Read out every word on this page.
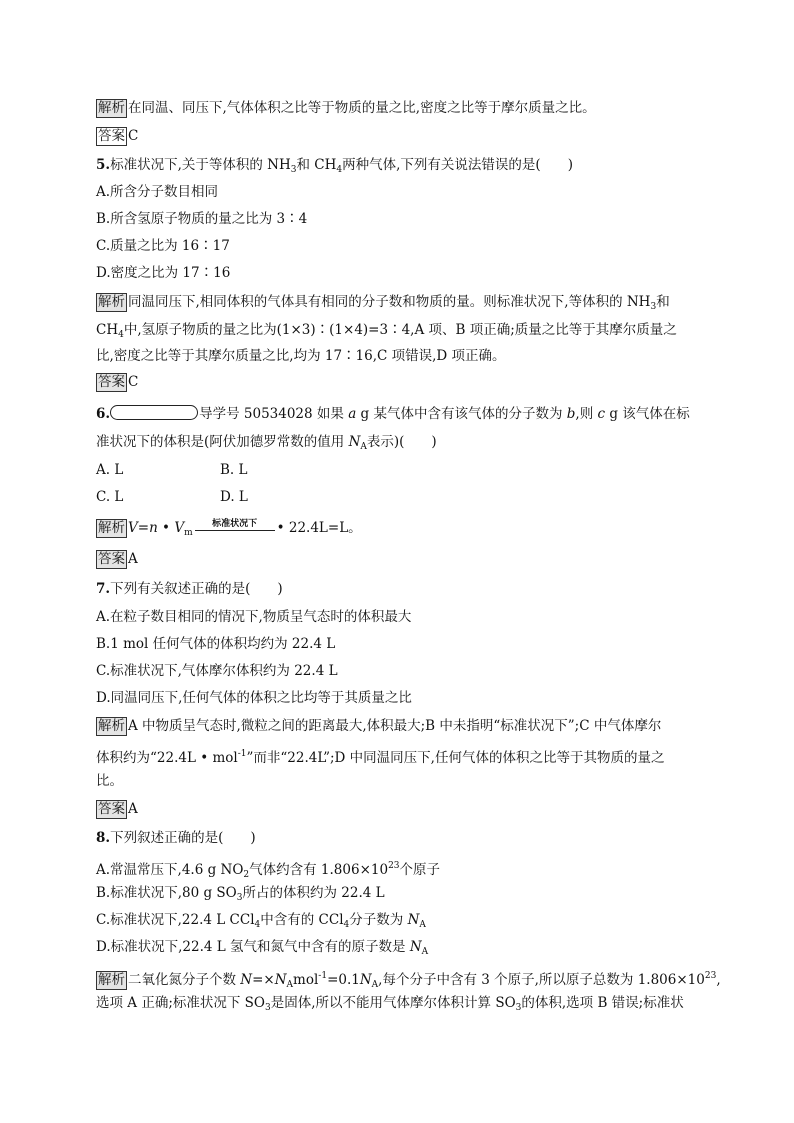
解析 在同温、同压下,气体体积之比等于物质的量之比,密度之比等于摩尔质量之比。
答案 C
5.标准状况下,关于等体积的 $NH_3$和 $CH_4$两种气体,下列有关说法错误的是(　　)
A.所含分子数目相同
B.所含氢原子物质的量之比为 3∶4
C.质量之比为 16∶17
D.密度之比为 17∶16
解析 同温同压下,相同体积的气体具有相同的分子数和物质的量。则标准状况下,等体积的 $NH_3$和
$CH_4$中,氢原子物质的量之比为(1×3)∶(1×4)=3∶4,A 项、B 项正确;质量之比等于其摩尔质量之
比,密度之比等于其摩尔质量之比,均为 17∶16,C 项错误,D 项正确。
答案 C
6.	导学号 50534028 如果 a g 某气体中含有该气体的分子数为 b,则 c g 该气体在标
准状况下的体积是(阿伏加德罗常数的值用 $N_A$表示)(　　)
A. L	B. L
C. L	D. L
解析 V=n • $V_m$
标准状况下	• 22.4L=L。
答案 A
7.下列有关叙述正确的是(　　)
A.在粒子数目相同的情况下,物质呈气态时的体积最大
B.1 mol 任何气体的体积均约为 22.4 L
C.标准状况下,气体摩尔体积约为 22.4 L
D.同温同压下,任何气体的体积之比均等于其质量之比
解析 A 中物质呈气态时,微粒之间的距离最大,体积最大;B 中未指明“标准状况下”;C 中气体摩尔
体积约为“22.4L • mol$^{-1}$”而非“22.4L”;D 中同温同压下,任何气体的体积之比等于其物质的量之
比。
答案 A
8.下列叙述正确的是(　　)
A.常温常压下,4.6 g $NO_2$气体约含有 $1.806\times 10^{23}$个原子
B.标准状况下,80 g $SO_3$所占的体积约为 22.4 L
C.标准状况下,22.4 L CCl$_4$中含有的 CCl$_4$分子数为 $N_A$
D.标准状况下,22.4 L 氢气和氮气中含有的原子数是 $N_A$
解析 二氧化氮分子个数 $N=\times N_Amol^{-1}=0.1N_A$,每个分子中含有 3 个原子,所以原子总数为 $1.806\times 10^{23}$,
选项 A 正确;标准状况下 $SO_3$是固体,所以不能用气体摩尔体积计算 $SO_3$的体积,选项 B 错误;标准状
